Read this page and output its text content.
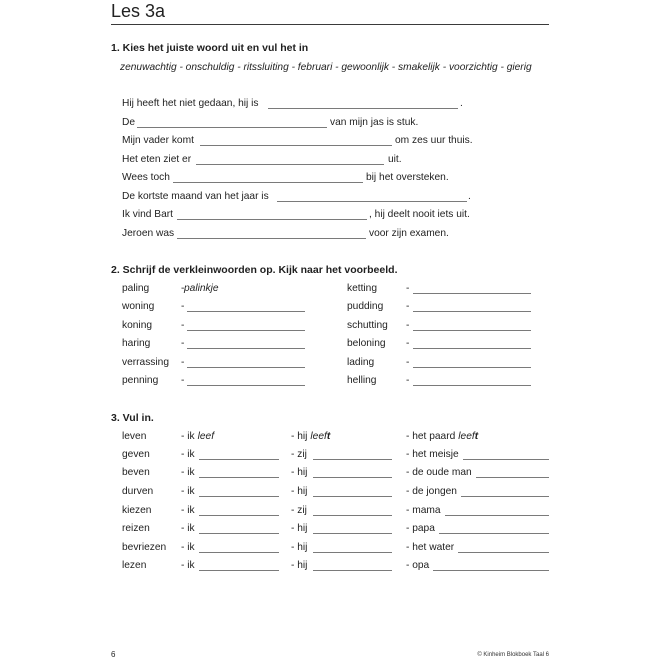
Les 3a
1. Kies het juiste woord uit en vul het in
zenuwachtig - onschuldig - ritssluiting - februari - gewoonlijk - smakelijk - voorzichtig - gierig
Hij heeft het niet gedaan, hij is	.
De	van mijn jas is stuk.
Mijn vader komt	om zes uur thuis.
Het eten ziet er	uit.
Wees toch	bij het oversteken.
De kortste maand van het jaar is	.
Ik vind Bart	, hij deelt nooit iets uit.
Jeroen was	voor zijn examen.
2. Schrijf de verkleinwoorden op. Kijk naar het voorbeeld.
paling	- palinkje	ketting	-
woning	-	pudding -
koning	-	schutting -
haring	-	beloning -
verrassing -	lading	-
penning -	helling	-
3. Vul in.
leven	- ik leef	- hij leeft	- het paard leeft
geven	- ik	- zij	- het meisje
beven	- ik	- hij	- de oude man
durven	- ik	- hij	- de jongen
kiezen	- ik	- zij	- mama
reizen	- ik	- hij	- papa
bevriezen - ik	- hij	- het water
lezen	- ik	- hij	- opa
6	© Kinheim Blokboek Taal 6
